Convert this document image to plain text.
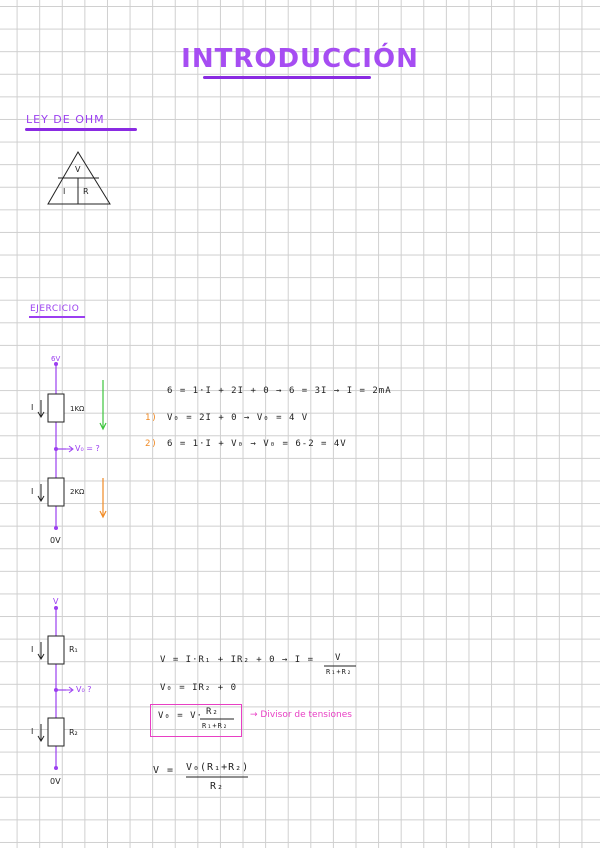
INTRODUCCIÓN
LEY DE OHM
V
I R
EJERCICIO
6V
0V
I
I
1KΩ
2KΩ
V₀ = ?
6 = 1·I + 2I + 0 → 6 = 3I → I = 2mA
1) V₀ = 2I + 0 → V₀ = 4 V
2) 6 = 1·I + V₀ → V₀ = 6-2 = 4V
V
0V
I
I
R₁
R₂
V₀ ?
V = I·R₁ + IR₂ + 0 → I = V
R₁+R₂
V₀ = IR₂ + 0
V₀ = V· R₂
R₁+R₂
→ Divisor de tensiones
V = V₀(R₁+R₂)
R₂
